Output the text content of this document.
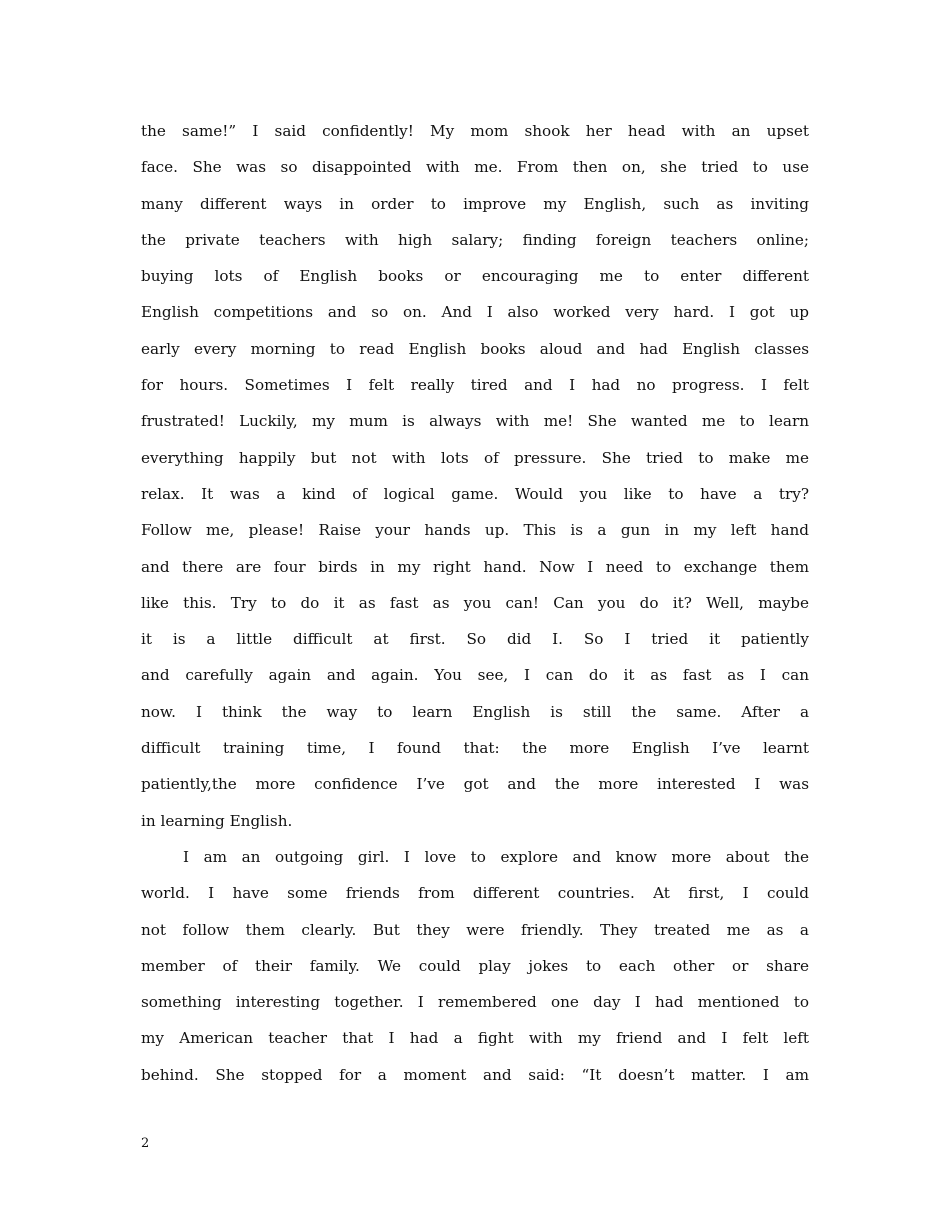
the same!” I said confidently! My mom shook her head with an upset
face. She was so disappointed with me. From then on, she tried to use
many different ways in order to improve my English, such as inviting
the private teachers with high salary; finding foreign teachers online;
buying lots of English books or encouraging me to enter different
English competitions and so on. And I also worked very hard. I got up
early every morning to read English books aloud and had English classes
for hours. Sometimes I felt really tired and I had no progress. I felt
frustrated! Luckily, my mum is always with me! She wanted me to learn
everything happily but not with lots of pressure. She tried to make me
relax. It was a kind of logical game. Would you like to have a try?
Follow me, please! Raise your hands up. This is a gun in my left hand
and there are four birds in my right hand. Now I need to exchange them
like this. Try to do it as fast as you can! Can you do it? Well, maybe
it is a little difficult at first. So did I. So I tried it patiently
and carefully again and again. You see, I can do it as fast as I can
now. I think the way to learn English is still the same. After a
difficult training time, I found that: the more English I’ve learnt
patiently,the more confidence I’ve got and the more interested I was
in learning English.

I am an outgoing girl. I love to explore and know more about the
world. I have some friends from different countries. At first, I could
not follow them clearly. But they were friendly. They treated me as a
member of their family. We could play jokes to each other or share
something interesting together. I remembered one day I had mentioned to
my American teacher that I had a fight with my friend and I felt left
behind. She stopped for a moment and said: “It doesn’t matter. I am

2
